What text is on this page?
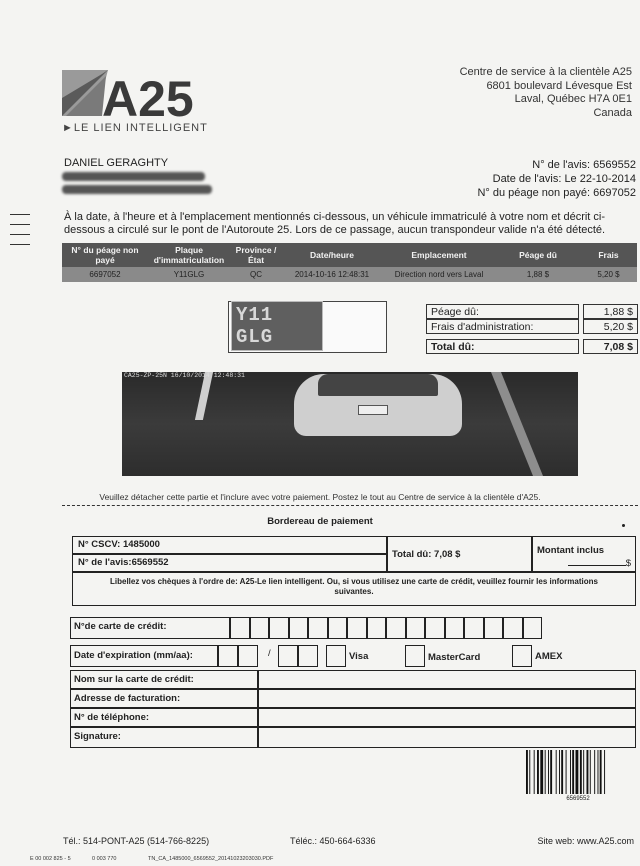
A25
►LE LIEN INTELLIGENT
Centre de service à la clientèle A25
6801 boulevard Lévesque Est
Laval, Québec H7A 0E1
Canada
DANIEL GERAGHTY	N° de l'avis: 6569552
Date de l'avis: Le 22-10-2014
N° du péage non payé: 6697052
À la date, à l'heure et à l'emplacement mentionnés ci-dessous, un véhicule immatriculé à votre nom et décrit ci-dessous a circulé sur le pont de l'Autoroute 25. Lors de ce passage, aucun transpondeur valide n'a été détecté.
N° du péage non payé	Plaque d'immatriculation	Province / État	Date/heure	Emplacement	Péage dû	Frais
6697052	Y11GLG	QC	2014-10-16 12:48:31	Direction nord vers Laval	1,88 $	5,20 $
Y11 GLG
Péage dû:	1,88 $
Frais d'administration:	5,20 $
Total dû:	7,08 $
CA25-ZP-25N 16/10/2014 12:48:31
Veuillez détacher cette partie et l'inclure avec votre paiement. Postez le tout au Centre de service à la clientèle d'A25.
Bordereau de paiement
N° CSCV: 1485000
N° de l'avis:6569552
Total dû: 7,08 $	Montant inclus
$
Libellez vos chèques à l'ordre de: A25-Le lien intelligent. Ou, si vous utilisez une carte de crédit, veuillez fournir les informations
suivantes.
N°de carte de crédit:
Date d'expiration (mm/aa):	/	Visa	MasterCard	AMEX
Nom sur la carte de crédit:
Adresse de facturation:
N° de téléphone:
Signature:
6569552
Tél.: 514-PONT-A25 (514-766-8225)	Téléc.: 450-664-6336	Site web: www.A25.com
E 00 002 825 - 5	0 003 770	TN_CA_1485000_6569552_20141023203030.PDF
